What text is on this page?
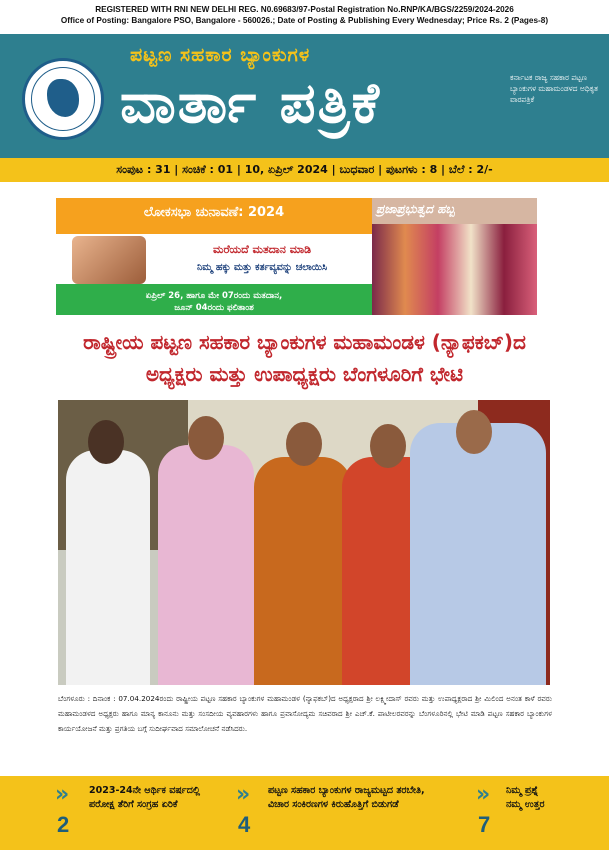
REGISTERED WITH RNI NEW DELHI REG. N0.69683/97-Postal Registration No.RNP/KA/BGS/2259/2024-2026
Office of Posting: Bangalore PSO, Bangalore - 560026.; Date of Posting & Publishing Every Wednesday; Price Rs. 2 (Pages-8)
ಪಟ್ಟಣ ಸಹಕಾರ ಬ್ಯಾಂಕುಗಳ
ವಾರ್ತಾ ಪತ್ರಿಕೆ	ಕರ್ನಾಟಕ ರಾಜ್ಯ ಸಹಕಾರ ಪಟ್ಟಣ ಬ್ಯಾಂಕುಗಳ ಮಹಾಮಂಡಳದ ಅಧಿಕೃತ ವಾರಪತ್ರಿಕೆ
ಸಂಪುಟ : 31 | ಸಂಚಿಕೆ : 01 | 10, ಏಪ್ರಿಲ್ 2024 | ಬುಧವಾರ | ಪುಟಗಳು : 8 | ಬೆಲೆ : 2/-
ಲೋಕಸಭಾ ಚುನಾವಣೆ: 2024
ಮರೆಯದೆ ಮತದಾನ ಮಾಡಿ
ನಿಮ್ಮ ಹಕ್ಕು ಮತ್ತು ಕರ್ತವ್ಯವನ್ನು ಚಲಾಯಿಸಿ
ಏಪ್ರಿಲ್ 26, ಹಾಗೂ ಮೇ 07ರಂದು ಮತದಾನ,
ಜೂನ್ 04ರಂದು ಫಲಿತಾಂಶ
ಪ್ರಜಾಪ್ರಭುತ್ವದ ಹಬ್ಬ
ರಾಷ್ಟ್ರೀಯ ಪಟ್ಟಣ ಸಹಕಾರ ಬ್ಯಾಂಕುಗಳ ಮಹಾಮಂಡಳ (ನ್ಯಾಫಕಬ್)ದ
ಅಧ್ಯಕ್ಷರು ಮತ್ತು ಉಪಾಧ್ಯಕ್ಷರು ಬೆಂಗಳೂರಿಗೆ ಭೇಟಿ
ಬೆಂಗಳೂರು : ದಿನಾಂಕ : 07.04.2024ರಂದು ರಾಷ್ಟ್ರೀಯ ಪಟ್ಟಣ ಸಹಕಾರ ಬ್ಯಾಂಕುಗಳ ಮಹಾಮಂಡಳ (ನ್ಯಾಫಕಬ್)ದ ಅಧ್ಯಕ್ಷರಾದ ಶ್ರೀ ಲಕ್ಷ್ಮೀದಾಸ್ ರವರು ಮತ್ತು ಉಪಾಧ್ಯಕ್ಷರಾದ ಶ್ರೀ ಮಿಲಿಂದ ಅನಂತ ಕಾಳೆ ರವರು ಮಹಾಮಂಡಳದ ಅಧ್ಯಕ್ಷರು ಹಾಗೂ ಮಾನ್ಯ ಕಾನೂನು ಮತ್ತು ಸಂಸದೀಯ ವ್ಯವಹಾರಗಳು ಹಾಗೂ ಪ್ರವಾಸೋದ್ಯಮ ಸಚಿವರಾದ ಶ್ರೀ ಎಚ್.ಕೆ. ಪಾಟೀಲರವರನ್ನು ಬೆಂಗಳೂರಿನಲ್ಲಿ ಭೇಟಿ ಮಾಡಿ ಪಟ್ಟಣ ಸಹಕಾರ ಬ್ಯಾಂಕುಗಳ ಕಾರ್ಯಯೋಜನೆ ಮತ್ತು ಪ್ರಗತಿಯ ಬಗ್ಗೆ ಸುದೀರ್ಘವಾದ ಸಮಾಲೋಚನೆ ನಡೆಸಿದರು.
»
2
2023-24ನೇ ಆರ್ಥಿಕ ವರ್ಷದಲ್ಲಿ
ಪರೋಕ್ಷ ತೆರಿಗೆ ಸಂಗ್ರಹ ಏರಿಕೆ	»
4
ಪಟ್ಟಣ ಸಹಕಾರ ಬ್ಯಾಂಕುಗಳ ರಾಜ್ಯಮಟ್ಟದ ತರಬೇತಿ,
ವಿಚಾರ ಸಂಕಿರಣಗಳ ಕಿರುಹೊತ್ತಿಗೆ ಬಿಡುಗಡೆ	»
7
ನಿಮ್ಮ ಪ್ರಶ್ನೆ
ನಮ್ಮ ಉತ್ತರ
